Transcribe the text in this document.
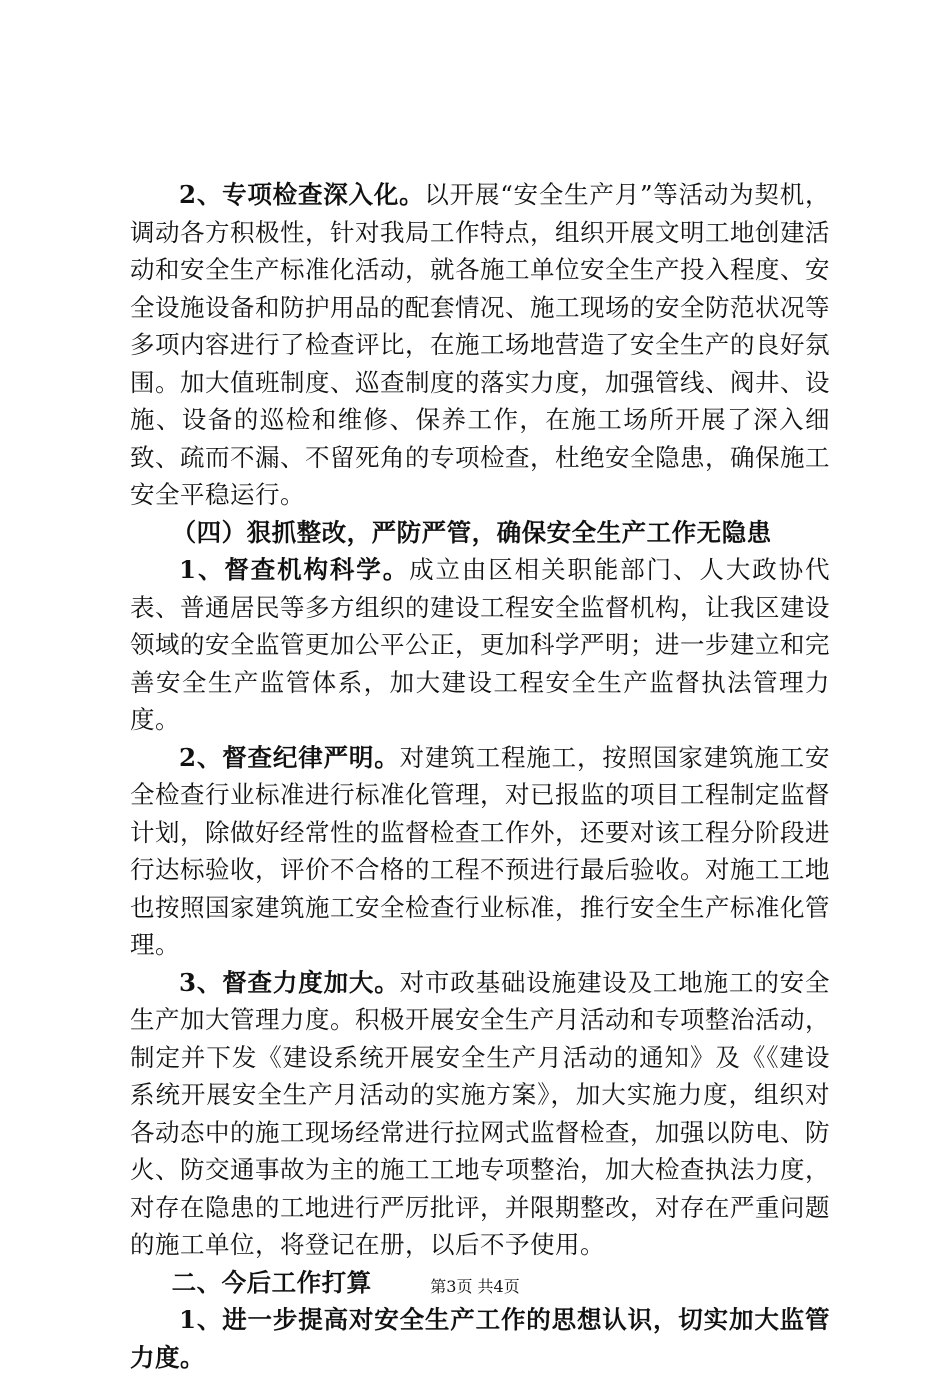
2、专项检查深入化。以开展“安全生产月”等活动为契机，调动各方积极性，针对我局工作特点，组织开展文明工地创建活动和安全生产标准化活动，就各施工单位安全生产投入程度、安全设施设备和防护用品的配套情况、施工现场的安全防范状况等多项内容进行了检查评比，在施工场地营造了安全生产的良好氛围。加大值班制度、巡查制度的落实力度，加强管线、阀井、设施、设备的巡检和维修、保养工作，在施工场所开展了深入细致、疏而不漏、不留死角的专项检查，杜绝安全隐患，确保施工安全平稳运行。

（四）狠抓整改，严防严管，确保安全生产工作无隐患

1、督查机构科学。成立由区相关职能部门、人大政协代表、普通居民等多方组织的建设工程安全监督机构，让我区建设领域的安全监管更加公平公正，更加科学严明；进一步建立和完善安全生产监管体系，加大建设工程安全生产监督执法管理力度。

2、督查纪律严明。对建筑工程施工，按照国家建筑施工安全检查行业标准进行标准化管理，对已报监的项目工程制定监督计划，除做好经常性的监督检查工作外，还要对该工程分阶段进行达标验收，评价不合格的工程不预进行最后验收。对施工工地也按照国家建筑施工安全检查行业标准，推行安全生产标准化管理。

3、督查力度加大。对市政基础设施建设及工地施工的安全生产加大管理力度。积极开展安全生产月活动和专项整治活动，制定并下发《建设系统开展安全生产月活动的通知》及《《建设系统开展安全生产月活动的实施方案》，加大实施力度，组织对各动态中的施工现场经常进行拉网式监督检查，加强以防电、防火、防交通事故为主的施工工地专项整治，加大检查执法力度，对存在隐患的工地进行严厉批评，并限期整改，对存在严重问题的施工单位，将登记在册，以后不予使用。

二、今后工作打算

1、进一步提高对安全生产工作的思想认识，切实加大监管力度。

第3页 共4页
